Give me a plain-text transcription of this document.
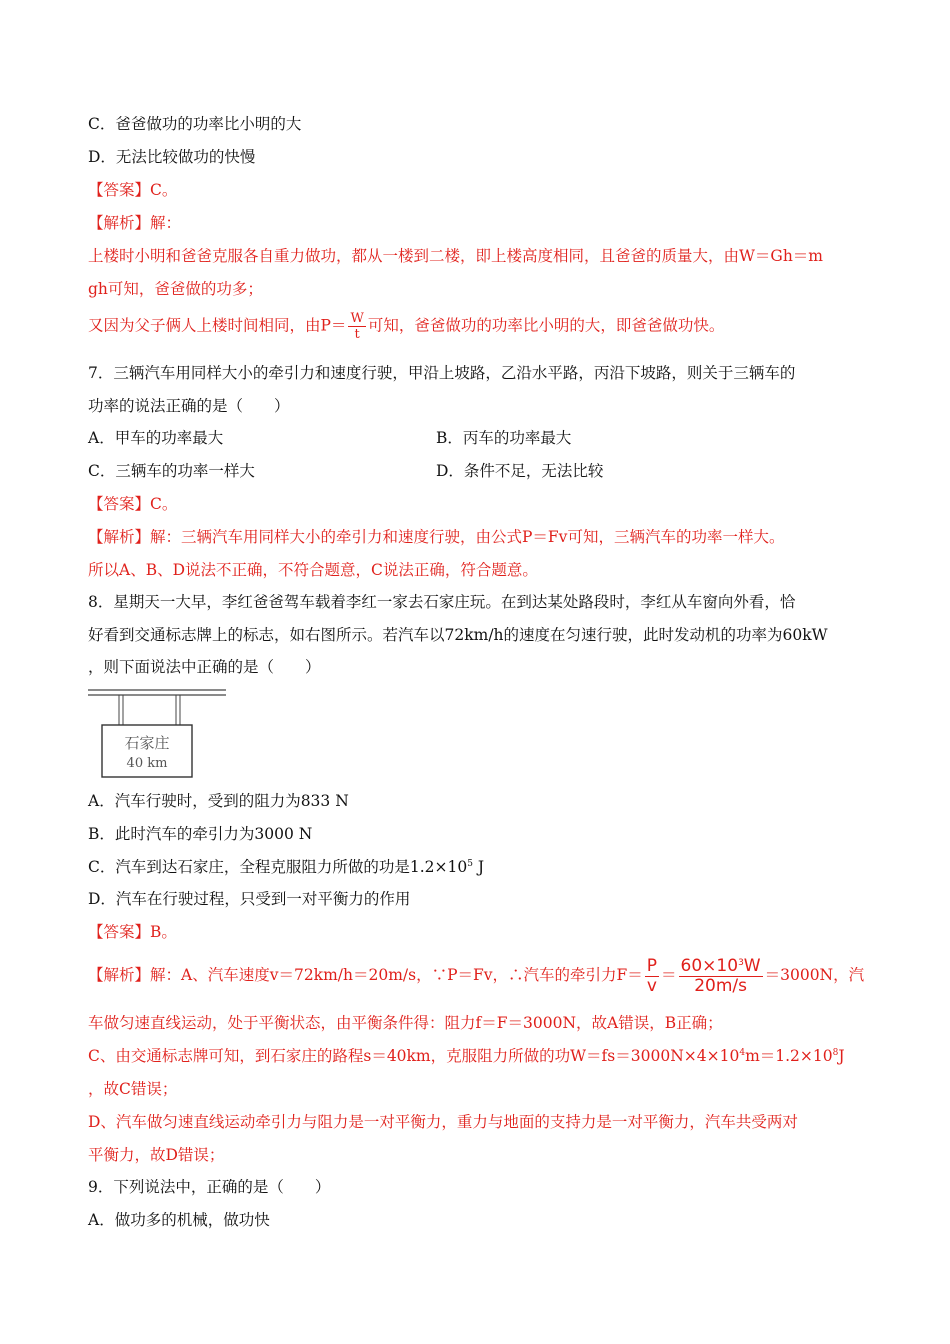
C．爸爸做功的功率比小明的大
D．无法比较做功的快慢
【答案】C。
【解析】解：
上楼时小明和爸爸克服各自重力做功，都从一楼到二楼，即上楼高度相同，且爸爸的质量大，由W＝Gh＝m
gh可知，爸爸做的功多；
又因为父子俩人上楼时间相同，由$P= \frac{W}{t}$ 可知，爸爸做功的功率比小明的大，即爸爸做功快。
7．三辆汽车用同样大小的牵引力和速度行驶，甲沿上坡路，乙沿水平路，丙沿下坡路，则关于三辆车的
功率的说法正确的是（　　）
A．甲车的功率最大	B．丙车的功率最大
C．三辆车的功率一样大	D．条件不足，无法比较
【答案】C。
【解析】解：三辆汽车用同样大小的牵引力和速度行驶，由公式P＝Fv可知，三辆汽车的功率一样大。
所以A、B、D说法不正确，不符合题意，C说法正确，符合题意。
8．星期天一大早，李红爸爸驾车载着李红一家去石家庄玩。在到达某处路段时，李红从车窗向外看，恰
好看到交通标志牌上的标志，如右图所示。若汽车以72km/h的速度在匀速行驶，此时发动机的功率为60kW
，则下面说法中正确的是（　　）
石家庄
40 km
A．汽车行驶时，受到的阻力为833 N
B．此时汽车的牵引力为3000 N
C．汽车到达石家庄，全程克服阻力所做的功是$1.2\times 10^5$ J
D．汽车在行驶过程，只受到一对平衡力的作用
【答案】B。
【解析】解：A、汽车速度v＝72km/h＝20m/s，∵P＝Fv，∴汽车的牵引力$F= \frac{P}{v} = \frac{60\times 10^3W}{20m/s} =3000N$，汽
车做匀速直线运动，处于平衡状态，由平衡条件得：阻力f＝F＝3000N，故A错误，B正确；
C、由交通标志牌可知，到石家庄的路程s＝40km，克服阻力所做的功$W=fs=3000N\times 4\times 10^4m=1.2\times 10^8J$
，故C错误；
D、汽车做匀速直线运动牵引力与阻力是一对平衡力，重力与地面的支持力是一对平衡力，汽车共受两对
平衡力，故D错误；
9．下列说法中，正确的是（　　）
A．做功多的机械，做功快
